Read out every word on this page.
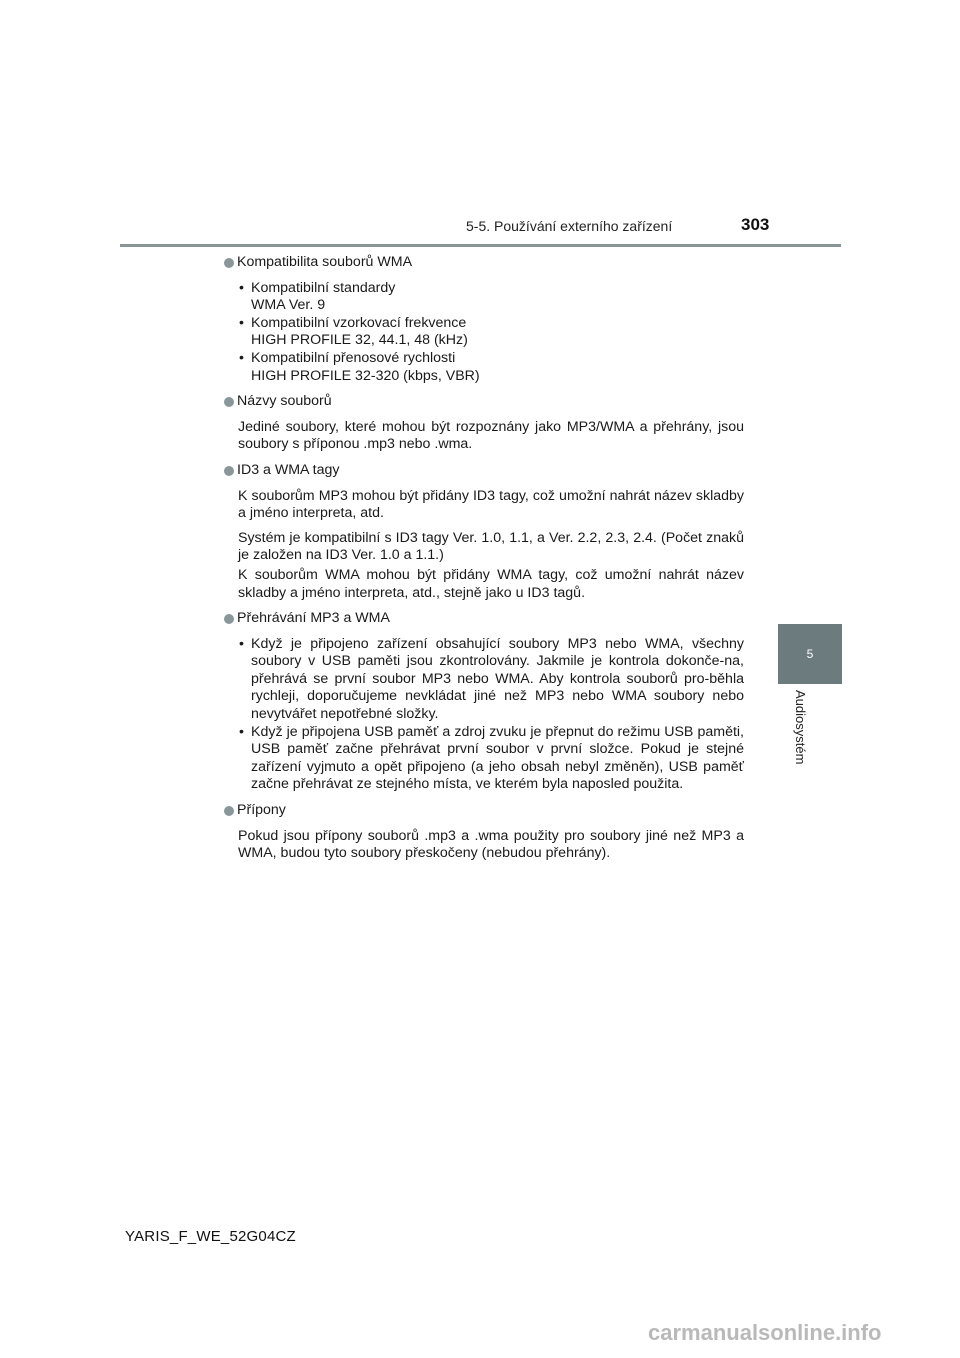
5-5. Používání externího zařízení	303
5
Audiosystém
Kompatibilita souborů WMA
• Kompatibilní standardy
WMA Ver. 9
• Kompatibilní vzorkovací frekvence
HIGH PROFILE 32, 44.1, 48 (kHz)
• Kompatibilní přenosové rychlosti
HIGH PROFILE 32-320 (kbps, VBR)
Názvy souborů
Jediné soubory, které mohou být rozpoznány jako MP3/WMA a přehrány, jsou soubory s příponou .mp3 nebo .wma.
ID3 a WMA tagy
K souborům MP3 mohou být přidány ID3 tagy, což umožní nahrát název skladby a jméno interpreta, atd.
Systém je kompatibilní s ID3 tagy Ver. 1.0, 1.1, a Ver. 2.2, 2.3, 2.4. (Počet znaků je založen na ID3 Ver. 1.0 a 1.1.)
K souborům WMA mohou být přidány WMA tagy, což umožní nahrát název skladby a jméno interpreta, atd., stejně jako u ID3 tagů.
Přehrávání MP3 a WMA
• Když je připojeno zařízení obsahující soubory MP3 nebo WMA, všechny soubory v USB paměti jsou zkontrolovány. Jakmile je kontrola dokonče-na, přehrává se první soubor MP3 nebo WMA. Aby kontrola souborů pro-běhla rychleji, doporučujeme nevkládat jiné než MP3 nebo WMA soubory nebo nevytvářet nepotřebné složky.
• Když je připojena USB paměť a zdroj zvuku je přepnut do režimu USB paměti, USB paměť začne přehrávat první soubor v první složce. Pokud je stejné zařízení vyjmuto a opět připojeno (a jeho obsah nebyl změněn), USB paměť začne přehrávat ze stejného místa, ve kterém byla naposled použita.
Přípony
Pokud jsou přípony souborů .mp3 a .wma použity pro soubory jiné než MP3 a WMA, budou tyto soubory přeskočeny (nebudou přehrány).
YARIS_F_WE_52G04CZ
carmanualsonline.info
